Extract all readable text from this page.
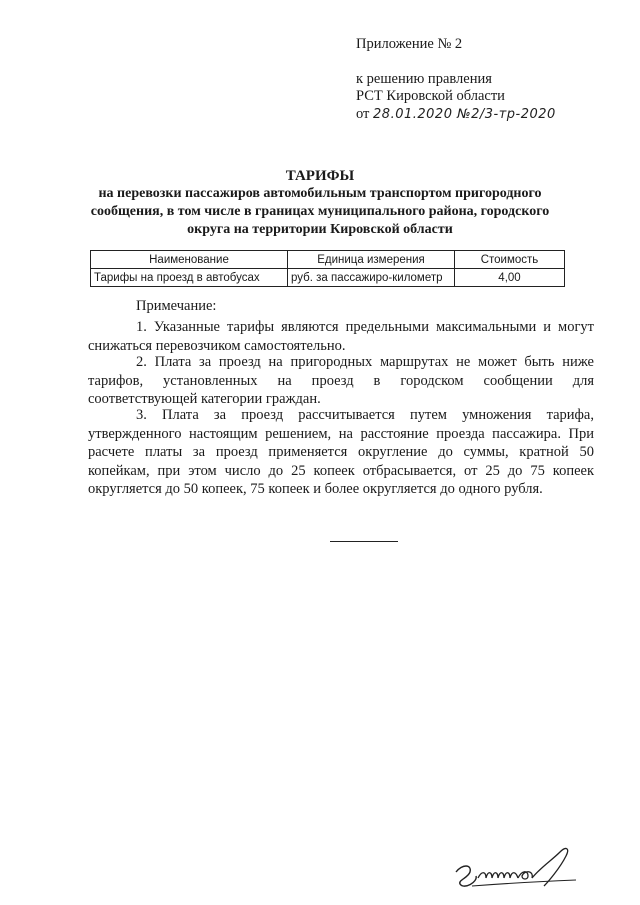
Приложение № 2
к решению правления
РСТ Кировской области
от 28.01.2020 №2/3-тр-2020
ТАРИФЫ
на перевозки пассажиров автомобильным транспортом пригородного
сообщения, в том числе в границах муниципального района, городского
округа на территории Кировской области
Наименование	Единица измерения	Стоимость
Тарифы на проезд в автобусах	руб. за пассажиро-километр	4,00
Примечание:
1. Указанные тарифы являются предельными максимальными и могут
снижаться перевозчиком самостоятельно.
2. Плата за проезд на пригородных маршрутах не может быть ниже
тарифов, установленных на проезд в городском сообщении для
соответствующей категории граждан.
3. Плата за проезд рассчитывается путем умножения тарифа,
утвержденного настоящим решением, на расстояние проезда пассажира. При
расчете платы за проезд применяется округление до суммы, кратной 50
копейкам, при этом число до 25 копеек отбрасывается, от 25 до 75 копеек
округляется до 50 копеек, 75 копеек и более округляется до одного рубля.
